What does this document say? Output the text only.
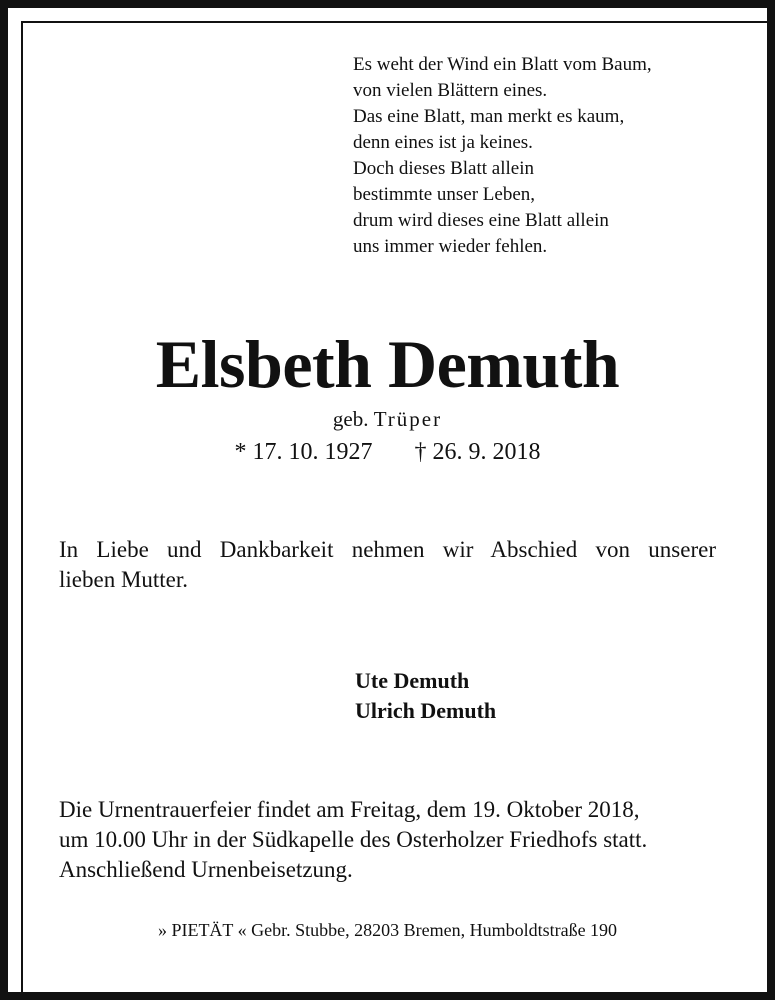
Es weht der Wind ein Blatt vom Baum,
von vielen Blättern eines.
Das eine Blatt, man merkt es kaum,
denn eines ist ja keines.
Doch dieses Blatt allein
bestimmte unser Leben,
drum wird dieses eine Blatt allein
uns immer wieder fehlen.
Elsbeth Demuth
geb. Trüper
* 17. 10. 1927 † 26. 9. 2018
In Liebe und Dankbarkeit nehmen wir Abschied von unserer
lieben Mutter.
Ute Demuth
Ulrich Demuth
Die Urnentrauerfeier findet am Freitag, dem 19. Oktober 2018,
um 10.00 Uhr in der Südkapelle des Osterholzer Friedhofs statt.
Anschließend Urnenbeisetzung.
» PIETÄT « Gebr. Stubbe, 28203 Bremen, Humboldtstraße 190
